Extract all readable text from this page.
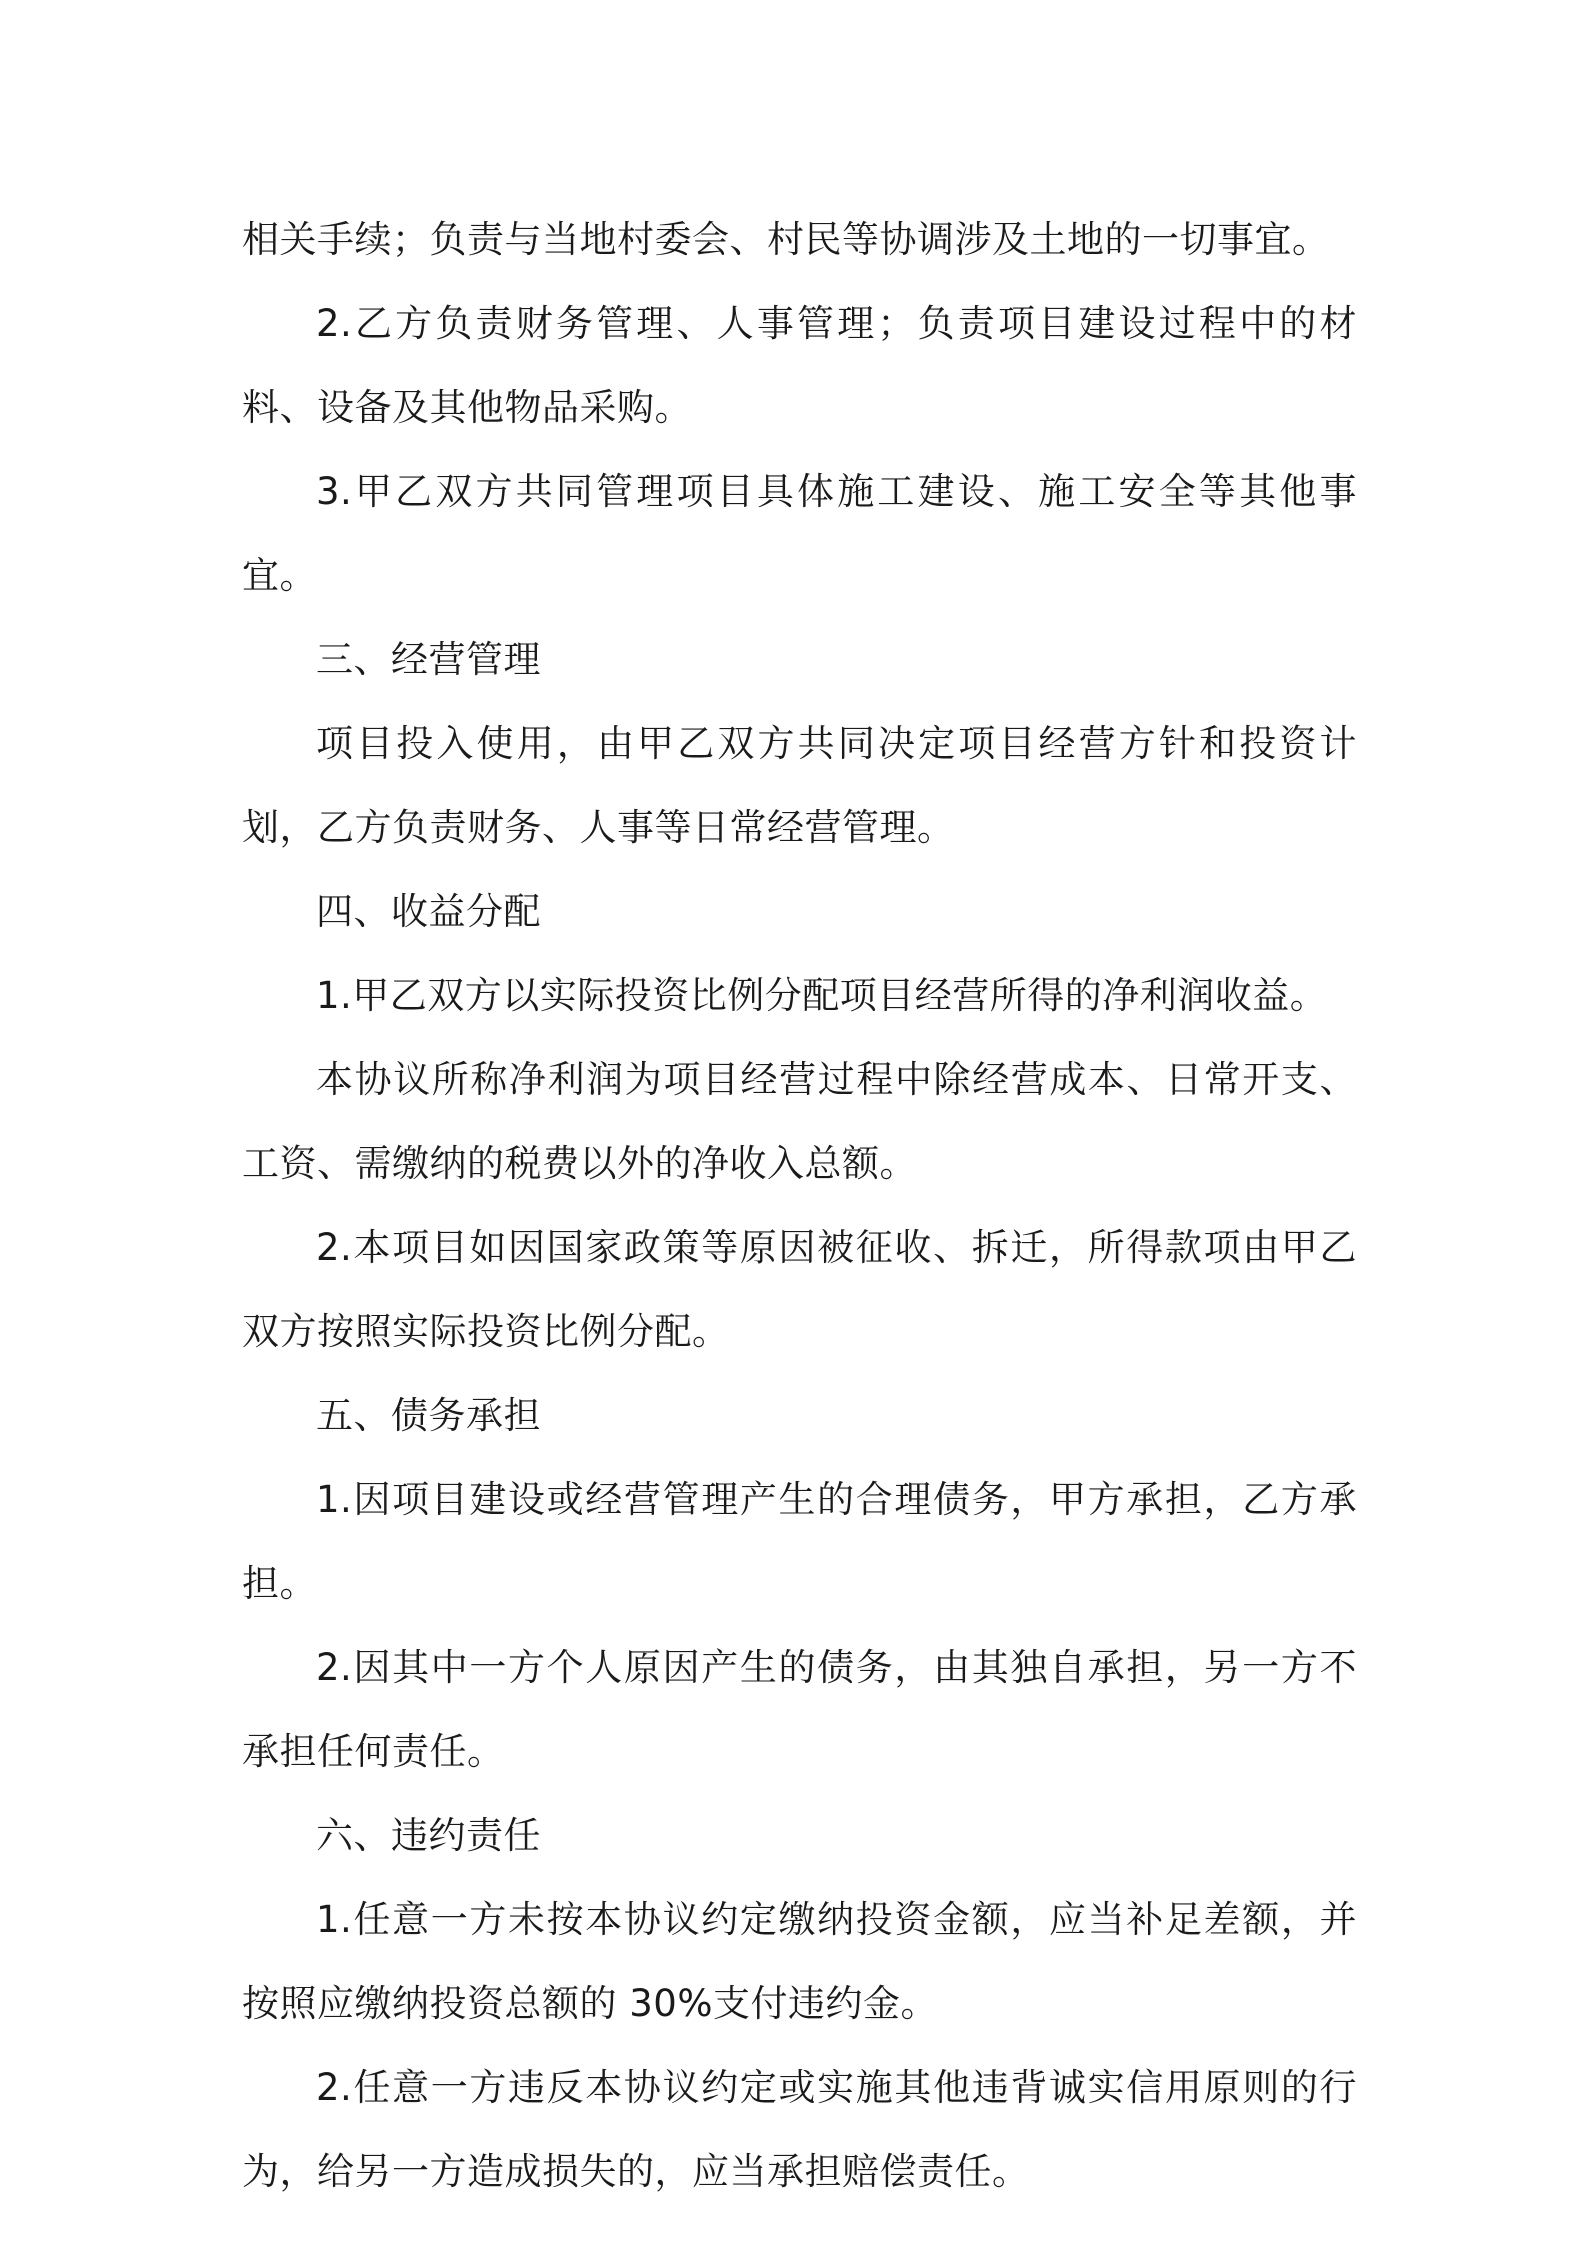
相关手续；负责与当地村委会、村民等协调涉及土地的一切事宜。

2.乙方负责财务管理、人事管理；负责项目建设过程中的材料、设备及其他物品采购。

3.甲乙双方共同管理项目具体施工建设、施工安全等其他事宜。

三、经营管理

项目投入使用，由甲乙双方共同决定项目经营方针和投资计划，乙方负责财务、人事等日常经营管理。

四、收益分配

1.甲乙双方以实际投资比例分配项目经营所得的净利润收益。

本协议所称净利润为项目经营过程中除经营成本、日常开支、工资、需缴纳的税费以外的净收入总额。

2.本项目如因国家政策等原因被征收、拆迁，所得款项由甲乙双方按照实际投资比例分配。

五、债务承担

1.因项目建设或经营管理产生的合理债务，甲方承担，乙方承担。

2.因其中一方个人原因产生的债务，由其独自承担，另一方不承担任何责任。

六、违约责任

1.任意一方未按本协议约定缴纳投资金额，应当补足差额，并按照应缴纳投资总额的 30%支付违约金。

2.任意一方违反本协议约定或实施其他违背诚实信用原则的行为，给另一方造成损失的，应当承担赔偿责任。
